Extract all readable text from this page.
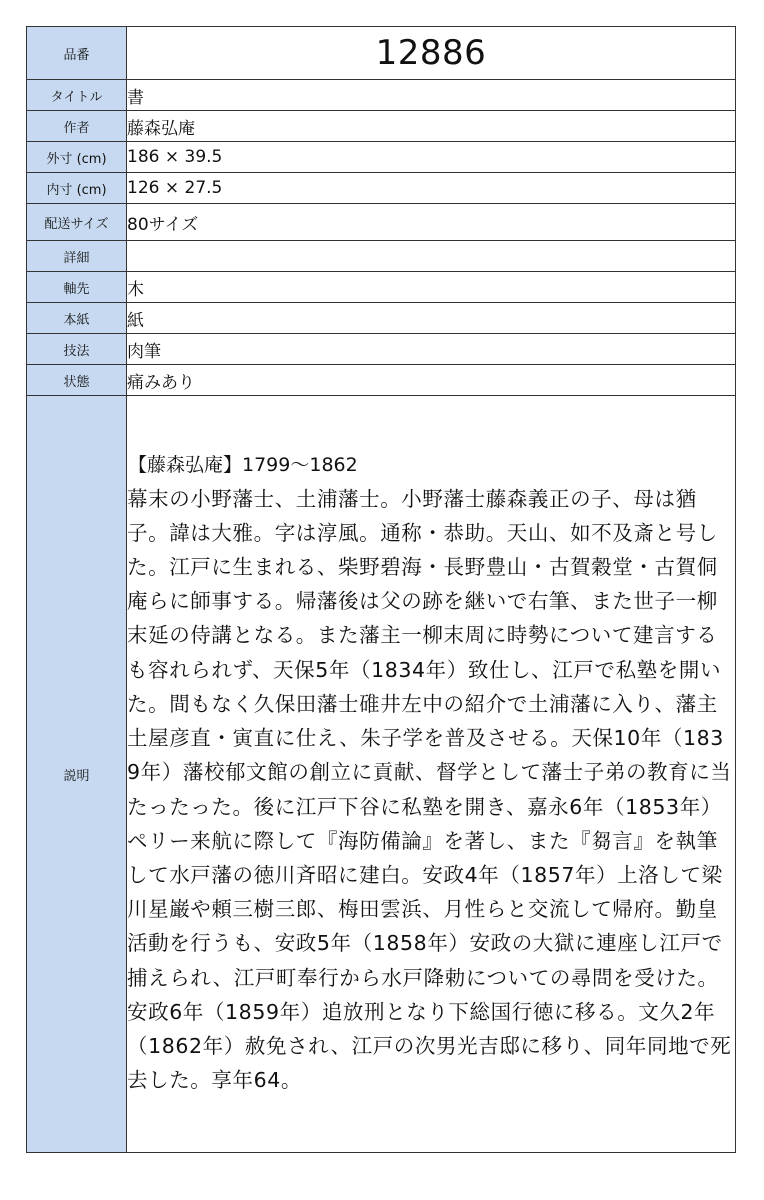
品番	12886
タイトル	書
作者	藤森弘庵
外寸 (cm)	186 × 39.5
内寸 (cm)	126 × 27.5
配送サイズ	80サイズ
詳細	
軸先	木
本紙	紙
技法	肉筆
状態	痛みあり
説明	【藤森弘庵】1799～1862
幕末の小野藩士、土浦藩士。小野藩士藤森義正の子、母は猶子。諱は大雅。字は淳風。通称・恭助。天山、如不及斎と号した。江戸に生まれる、柴野碧海・長野豊山・古賀穀堂・古賀侗庵らに師事する。帰藩後は父の跡を継いで右筆、また世子一柳末延の侍講となる。また藩主一柳末周に時勢について建言するも容れられず、天保5年（1834年）致仕し、江戸で私塾を開いた。間もなく久保田藩士碓井左中の紹介で土浦藩に入り、藩主土屋彦直・寅直に仕え、朱子学を普及させる。天保10年（1839年）藩校郁文館の創立に貢献、督学として藩士子弟の教育に当たったった。後に江戸下谷に私塾を開き、嘉永6年（1853年）ペリー来航に際して『海防備論』を著し、また『芻言』を執筆して水戸藩の徳川斉昭に建白。安政4年（1857年）上洛して梁川星巌や頼三樹三郎、梅田雲浜、月性らと交流して帰府。勤皇活動を行うも、安政5年（1858年）安政の大獄に連座し江戸で捕えられ、江戸町奉行から水戸降勅についての尋問を受けた。安政6年（1859年）追放刑となり下総国行徳に移る。文久2年（1862年）赦免され、江戸の次男光吉邸に移り、同年同地で死去した。享年64。
